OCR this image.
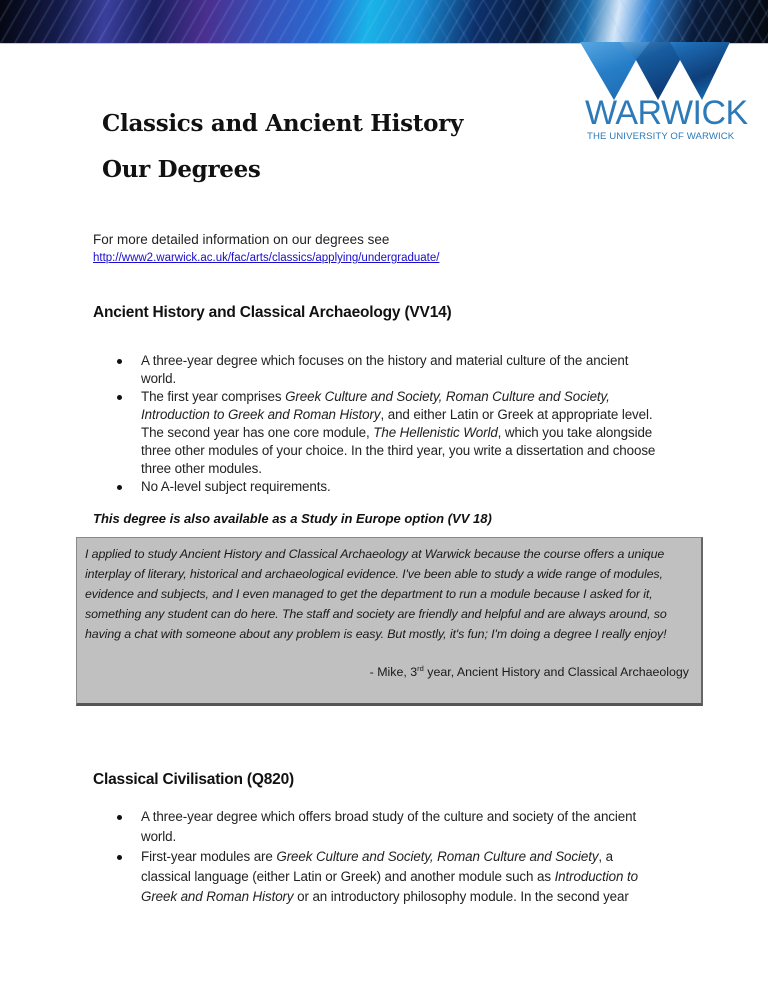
WARWICK
THE UNIVERSITY OF WARWICK
Classics and Ancient History
Our Degrees

For more detailed information on our degrees see

http://www2.warwick.ac.uk/fac/arts/classics/applying/undergraduate/
Ancient History and Classical Archaeology (VV14)
A three-year degree which focuses on the history and material culture of the ancient world.
The first year comprises Greek Culture and Society, Roman Culture and Society, Introduction to Greek and Roman History, and either Latin or Greek at appropriate level. The second year has one core module, The Hellenistic World, which you take alongside three other modules of your choice. In the third year, you write a dissertation and choose three other modules.
No A-level subject requirements.

This degree is also available as a Study in Europe option (VV 18)

I applied to study Ancient History and Classical Archaeology at Warwick because the course offers a unique interplay of literary, historical and archaeological evidence. I've been able to study a wide range of modules, evidence and subjects, and I even managed to get the department to run a module because I asked for it, something any student can do here. The staff and society are friendly and helpful and are always around, so having a chat with someone about any problem is easy. But mostly, it's fun; I'm doing a degree I really enjoy!

- Mike, 3rd year, Ancient History and Classical Archaeology

Classical Civilisation (Q820)
A three-year degree which offers broad study of the culture and society of the ancient world.
First-year modules are Greek Culture and Society, Roman Culture and Society, a classical language (either Latin or Greek) and another module such as Introduction to Greek and Roman History or an introductory philosophy module. In the second year
